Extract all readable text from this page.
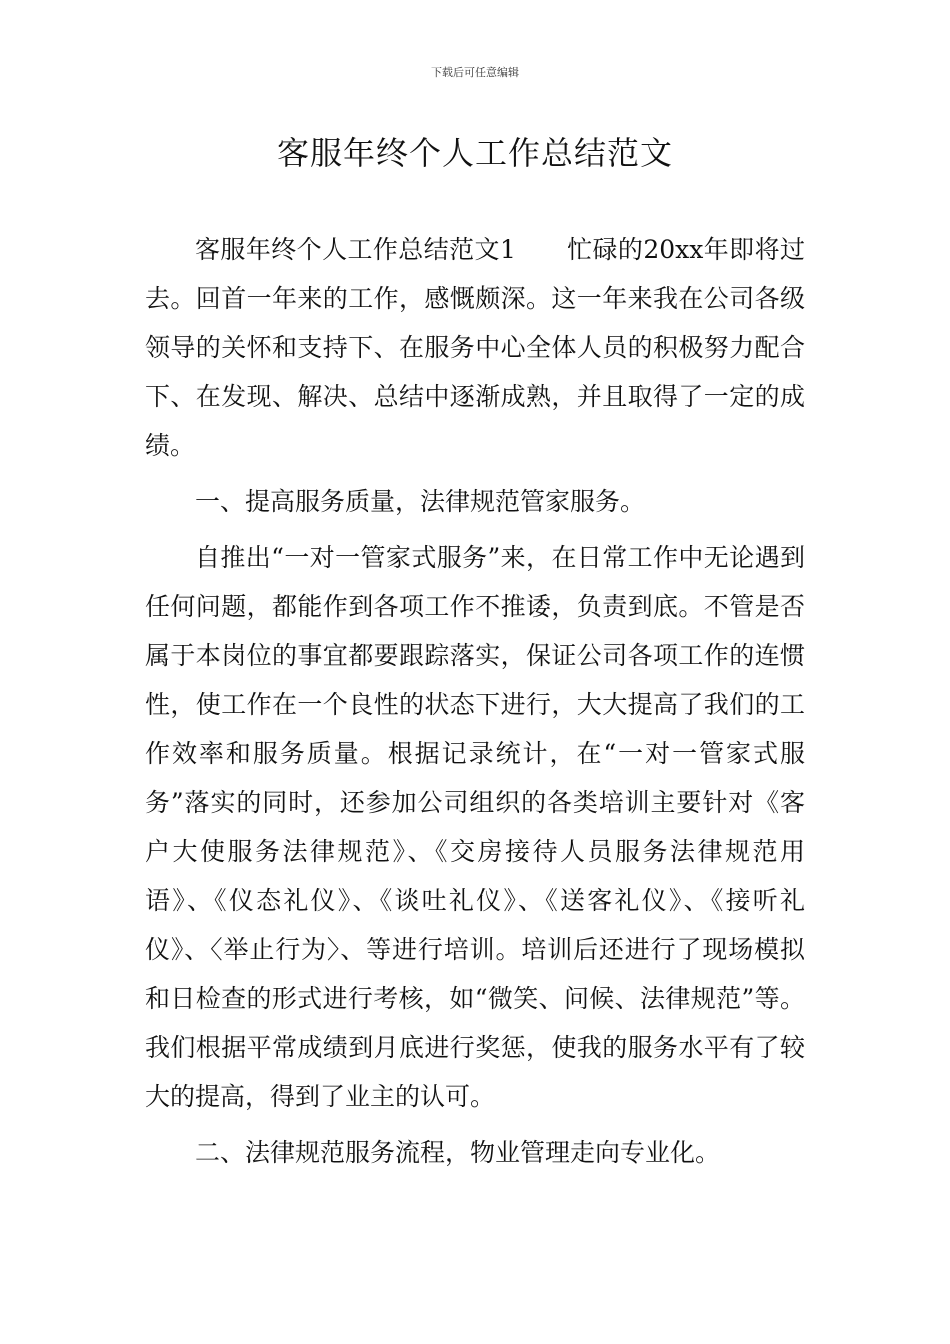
下载后可任意编辑
客服年终个人工作总结范文

客服年终个人工作总结范文1　　忙碌的20xx年即将过去。回首一年来的工作，感慨颇深。这一年来我在公司各级领导的关怀和支持下、在服务中心全体人员的积极努力配合下、在发现、解决、总结中逐渐成熟，并且取得了一定的成绩。

一、提高服务质量，法律规范管家服务。

自推出“一对一管家式服务”来，在日常工作中无论遇到任何问题，都能作到各项工作不推诿，负责到底。不管是否属于本岗位的事宜都要跟踪落实，保证公司各项工作的连惯性，使工作在一个良性的状态下进行，大大提高了我们的工作效率和服务质量。根据记录统计，在“一对一管家式服务”落实的同时，还参加公司组织的各类培训主要针对《客户大使服务法律规范》、《交房接待人员服务法律规范用语》、《仪态礼仪》、《谈吐礼仪》、《送客礼仪》、《接听礼仪》、〈举止行为〉、等进行培训。培训后还进行了现场模拟和日检查的形式进行考核，如“微笑、问候、法律规范”等。我们根据平常成绩到月底进行奖惩，使我的服务水平有了较大的提高，得到了业主的认可。

二、法律规范服务流程，物业管理走向专业化。
